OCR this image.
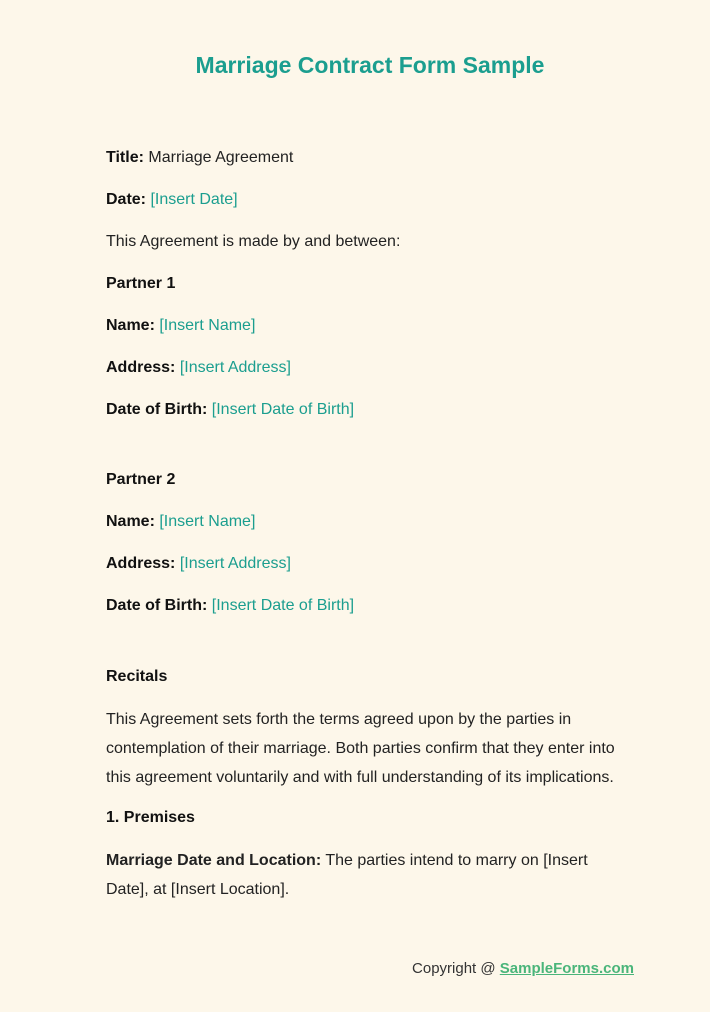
Marriage Contract Form Sample

Title: Marriage Agreement

Date: [Insert Date]

This Agreement is made by and between:

Partner 1

Name: [Insert Name]

Address: [Insert Address]

Date of Birth: [Insert Date of Birth]

Partner 2

Name: [Insert Name]

Address: [Insert Address]

Date of Birth: [Insert Date of Birth]

Recitals

This Agreement sets forth the terms agreed upon by the parties in contemplation of their marriage. Both parties confirm that they enter into this agreement voluntarily and with full understanding of its implications.

1. Premises

Marriage Date and Location: The parties intend to marry on [Insert Date], at [Insert Location].

Copyright @ SampleForms.com
